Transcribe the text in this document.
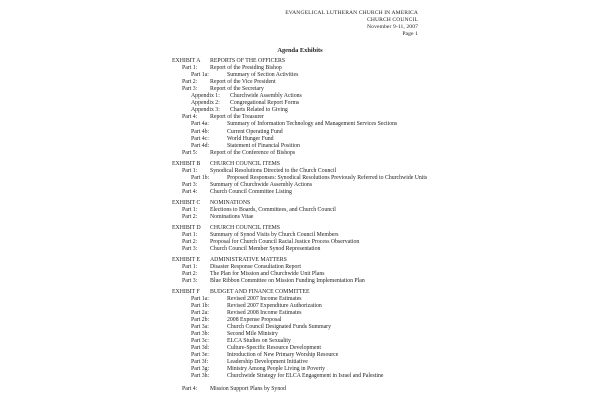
EVANGELICAL LUTHERAN CHURCH IN AMERICA
CHURCH COUNCIL
November 9-11, 2007
Page 1
Agenda Exhibits
EXHIBIT A REPORTS OF THE OFFICERS
Part 1: Report of the Presiding Bishop
Part 1a:	Summary of Section Activities
Part 2: Report of the Vice President
Part 3: Report of the Secretary
Appendix 1: Churchwide Assembly Actions
Appendix 2: Congregational Report Forms
Appendix 3: Charts Related to Giving
Part 4: Report of the Treasurer
Part 4a:	Summary of Information Technology and Management Services Sections
Part 4b:	Current Operating Fund
Part 4c:	World Hunger Fund
Part 4d:	Statement of Financial Position
Part 5: Report of the Conference of Bishops
EXHIBIT B CHURCH COUNCIL ITEMS
Part 1: Synodical Resolutions Directed to the Church Council
Part 1b:	Proposed Responses: Synodical Resolutions Previously Referred to Churchwide Units
Part 3: Summary of Churchwide Assembly Actions
Part 4: Church Council Committee Listing
EXHIBIT C NOMINATIONS
Part 1: Elections to Boards, Committees, and Church Council
Part 2: Nominations Vitae
EXHIBIT D CHURCH COUNCIL ITEMS
Part 1: Summary of Synod Visits by Church Council Members
Part 2: Proposal for Church Council Racial Justice Process Observation
Part 3: Church Council Member Synod Representation
EXHIBIT E ADMINISTRATIVE MATTERS
Part 1: Disaster Response Consultation Report
Part 2: The Plan for Mission and Churchwide Unit Plans
Part 3: Blue Ribbon Committee on Mission Funding Implementation Plan
EXHIBIT F BUDGET AND FINANCE COMMITTEE
Part 1a:	Revised 2007 Income Estimates
Part 1b:	Revised 2007 Expenditure Authorization
Part 2a:	Revised 2008 Income Estimates
Part 2b:	2008 Expense Proposal
Part 3a:	Church Council Designated Funds Summary
Part 3b:	Second Mile Ministry
Part 3c:	ELCA Studies on Sexuality
Part 3d:	Culture-Specific Resource Development
Part 3e:	Introduction of New Primary Worship Resource
Part 3f:	Leadership Development Initiative
Part 3g:	Ministry Among People Living in Poverty
Part 3h:	Churchwide Strategy for ELCA Engagement in Israel and Palestine
Part 4: Mission Support Plans by Synod
